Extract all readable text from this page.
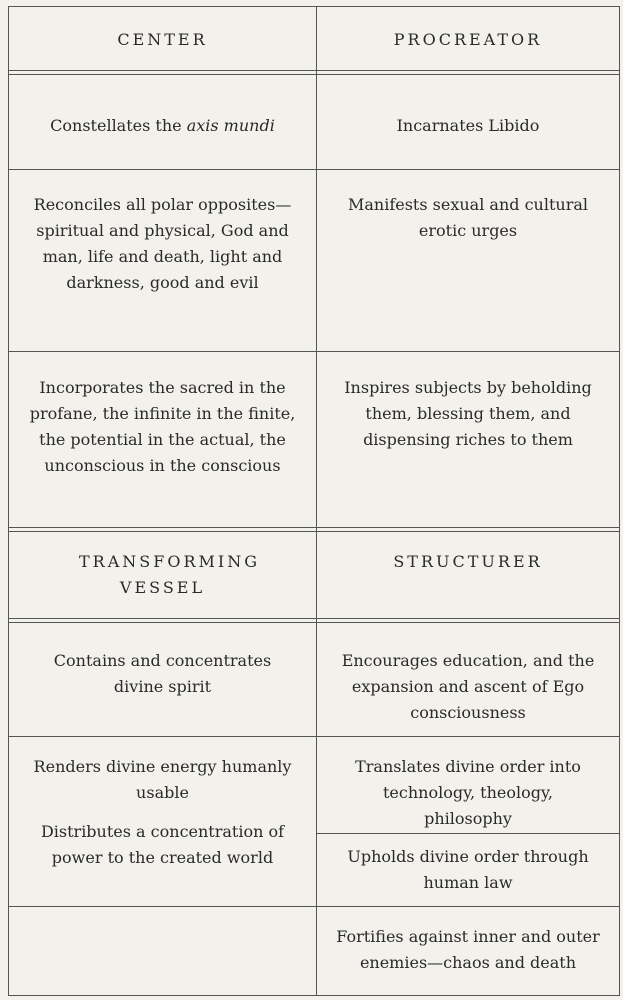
CENTER	PROCREATOR
Constellates the axis mundi	Incarnates Libido
Reconciles all polar opposites—spiritual and physical, God and man, life and death, light and darkness, good and evil
Manifests sexual and cultural erotic urges
Incorporates the sacred in the profane, the infinite in the finite, the potential in the actual, the unconscious in the conscious
Inspires subjects by beholding them, blessing them, and dispensing riches to them
TRANSFORMING VESSEL
STRUCTURER
Contains and concentrates divine spirit
Encourages education, and the expansion and ascent of Ego consciousness
Renders divine energy humanly usable
Distributes a concentration of power to the created world
Translates divine order into technology, theology, philosophy
Upholds divine order through human law
Fortifies against inner and outer enemies—chaos and death
